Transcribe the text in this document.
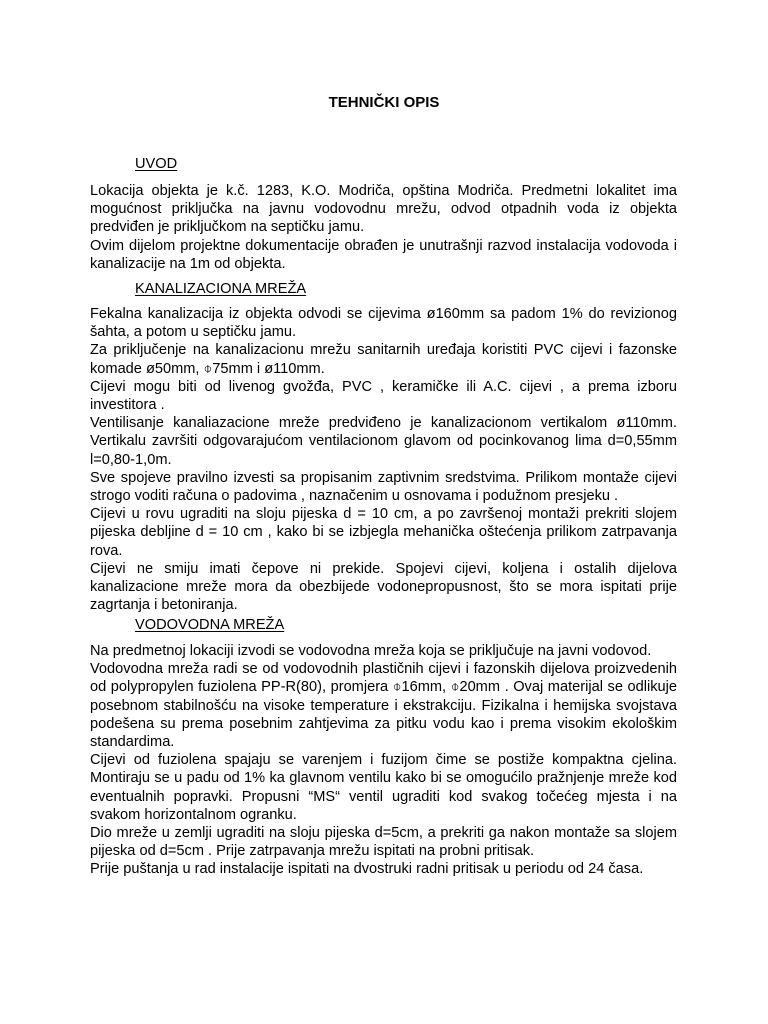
TEHNIČKI OPIS
UVOD

Lokacija objekta je k.č. 1283, K.O. Modriča, opština Modriča. Predmetni lokalitet ima mogućnost priključka na javnu vodovodnu mrežu, odvod otpadnih voda iz objekta predviđen je priključkom na septičku jamu.

Ovim dijelom projektne dokumentacije obrađen je unutrašnji razvod instalacija vodovoda i kanalizacije na 1m od objekta.

KANALIZACIONA MREŽA

Fekalna kanalizacija iz objekta odvodi se cijevima ø160mm sa padom 1% do revizionog šahta, a potom u septičku jamu.

Za priključenje na kanalizacionu mrežu sanitarnih uređaja koristiti PVC cijevi i fazonske komade ø50mm, ⌽75mm i ø110mm.

Cijevi mogu biti od livenog gvožđa, PVC , keramičke ili A.C. cijevi , a prema izboru investitora .

Ventilisanje kanaliazacione mreže predviđeno je kanalizacionom vertikalom ø110mm. Vertikalu završiti odgovarajućom ventilacionom glavom od pocinkovanog lima d=0,55mm l=0,80-1,0m.

Sve spojeve pravilno izvesti sa propisanim zaptivnim sredstvima. Prilikom montaže cijevi strogo voditi računa o padovima , naznačenim u osnovama i podužnom presjeku .

Cijevi u rovu ugraditi na sloju pijeska d = 10 cm, a po završenoj montaži prekriti slojem pijeska debljine d = 10 cm , kako bi se izbjegla mehanička oštećenja prilikom zatrpavanja rova.

Cijevi ne smiju imati čepove ni prekide. Spojevi cijevi, koljena i ostalih dijelova kanalizacione mreže mora da obezbijede vodonepropusnost, što se mora ispitati prije zagrtanja i betoniranja.

VODOVODNA MREŽA

Na predmetnoj lokaciji izvodi se vodovodna mreža koja se priključuje na javni vodovod.

Vodovodna mreža radi se od vodovodnih plastičnih cijevi i fazonskih dijelova proizvedenih od polypropylen fuziolena PP-R(80), promjera ⌽16mm, ⌽20mm . Ovaj materijal se odlikuje posebnom stabilnošću na visoke temperature i ekstrakciju. Fizikalna i hemijska svojstava podešena su prema posebnim zahtjevima za pitku vodu kao i prema visokim ekološkim standardima.

Cijevi od fuziolena spajaju se varenjem i fuzijom čime se postiže kompaktna cjelina. Montiraju se u padu od 1% ka glavnom ventilu kako bi se omogućilo pražnjenje mreže kod eventualnih popravki. Propusni “MS“ ventil ugraditi kod svakog točećeg mjesta i na svakom horizontalnom ogranku.

Dio mreže u zemlji ugraditi na sloju pijeska d=5cm, a prekriti ga nakon montaže sa slojem pijeska od d=5cm . Prije zatrpavanja mrežu ispitati na probni pritisak.

Prije puštanja u rad instalacije ispitati na dvostruki radni pritisak u periodu od 24 časa.
